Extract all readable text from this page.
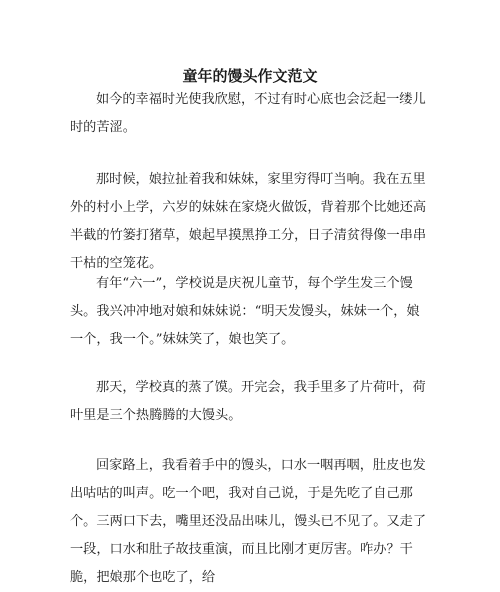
童年的馒头作文范文

如今的幸福时光使我欣慰，不过有时心底也会泛起一缕儿时的苦涩。

那时候，娘拉扯着我和妹妹，家里穷得叮当响。我在五里外的村小上学，六岁的妹妹在家烧火做饭，背着那个比她还高半截的竹篓打猪草，娘起早摸黑挣工分，日子清贫得像一串串干枯的空笼花。

有年“六一”，学校说是庆祝儿童节，每个学生发三个馒头。我兴冲冲地对娘和妹妹说：“明天发馒头，妹妹一个，娘一个，我一个。”妹妹笑了，娘也笑了。

那天，学校真的蒸了馍。开完会，我手里多了片荷叶，荷叶里是三个热腾腾的大馒头。

回家路上，我看着手中的馒头，口水一咽再咽，肚皮也发出咕咕的叫声。吃一个吧，我对自己说，于是先吃了自己那个。三两口下去，嘴里还没品出味儿，馒头已不见了。又走了一段，口水和肚子故技重演，而且比刚才更厉害。咋办？干脆，把娘那个也吃了，给
